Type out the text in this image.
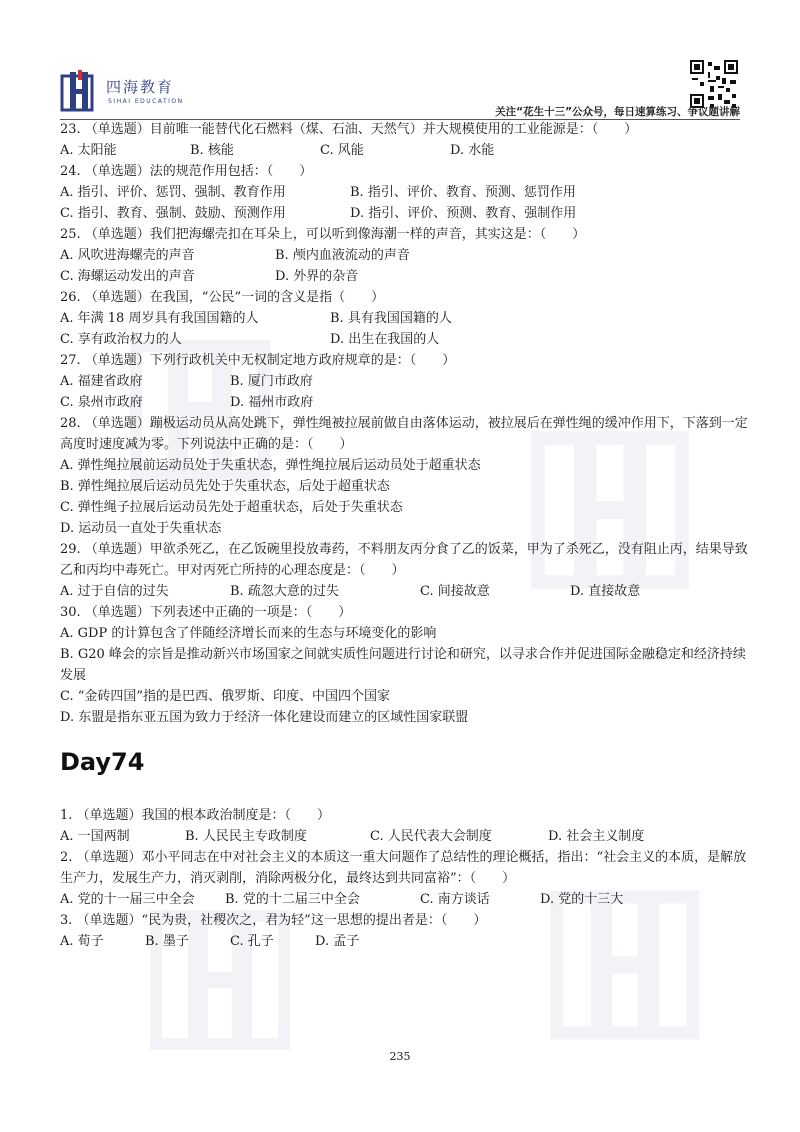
四海教育
SIHAI EDUCATION
关注“花生十三”公众号，每日速算练习、争议题讲解
23. （单选题）目前唯一能替代化石燃料（煤、石油、天然气）并大规模使用的工业能源是：（　　）
A. 太阳能	B. 核能	C. 风能	D. 水能
24. （单选题）法的规范作用包括：（　　）
A. 指引、评价、惩罚、强制、教育作用	B. 指引、评价、教育、预测、惩罚作用
C. 指引、教育、强制、鼓励、预测作用	D. 指引、评价、预测、教育、强制作用
25. （单选题）我们把海螺壳扣在耳朵上，可以听到像海潮一样的声音，其实这是：（　　）
A. 风吹进海螺壳的声音	B. 颅内血液流动的声音
C. 海螺运动发出的声音	D. 外界的杂音
26. （单选题）在我国，“公民”一词的含义是指（　　）
A. 年满 18 周岁具有我国国籍的人	B. 具有我国国籍的人
C. 享有政治权力的人	D. 出生在我国的人
27. （单选题）下列行政机关中无权制定地方政府规章的是：（　　）
A. 福建省政府	B. 厦门市政府
C. 泉州市政府	D. 福州市政府
28. （单选题）蹦极运动员从高处跳下，弹性绳被拉展前做自由落体运动，被拉展后在弹性绳的缓冲作用下，下落到一定高度时速度减为零。下列说法中正确的是：（　　）
A. 弹性绳拉展前运动员处于失重状态，弹性绳拉展后运动员处于超重状态
B. 弹性绳拉展后运动员先处于失重状态，后处于超重状态
C. 弹性绳子拉展后运动员先处于超重状态，后处于失重状态
D. 运动员一直处于失重状态
29. （单选题）甲欲杀死乙，在乙饭碗里投放毒药，不料朋友丙分食了乙的饭菜，甲为了杀死乙，没有阻止丙，结果导致乙和丙均中毒死亡。甲对丙死亡所持的心理态度是：（　　）
A. 过于自信的过失	B. 疏忽大意的过失	C. 间接故意	D. 直接故意
30. （单选题）下列表述中正确的一项是：（　　）
A. GDP 的计算包含了伴随经济增长而来的生态与环境变化的影响
B. G20 峰会的宗旨是推动新兴市场国家之间就实质性问题进行讨论和研究，以寻求合作并促进国际金融稳定和经济持续发展
C. “金砖四国”指的是巴西、俄罗斯、印度、中国四个国家
D. 东盟是指东亚五国为致力于经济一体化建设而建立的区域性国家联盟
Day74
1. （单选题）我国的根本政治制度是：（　　）
A. 一国两制	B. 人民民主专政制度	C. 人民代表大会制度	D. 社会主义制度
2. （单选题）邓小平同志在中对社会主义的本质这一重大问题作了总结性的理论概括，指出：“社会主义的本质，是解放生产力，发展生产力，消灭剥削，消除两极分化，最终达到共同富裕”：（　　）
A. 党的十一届三中全会	B. 党的十二届三中全会	C. 南方谈话	D. 党的十三大
3. （单选题）“民为贵，社稷次之，君为轻”这一思想的提出者是：（　　）
A. 荀子	B. 墨子	C. 孔子	D. 孟子
235
